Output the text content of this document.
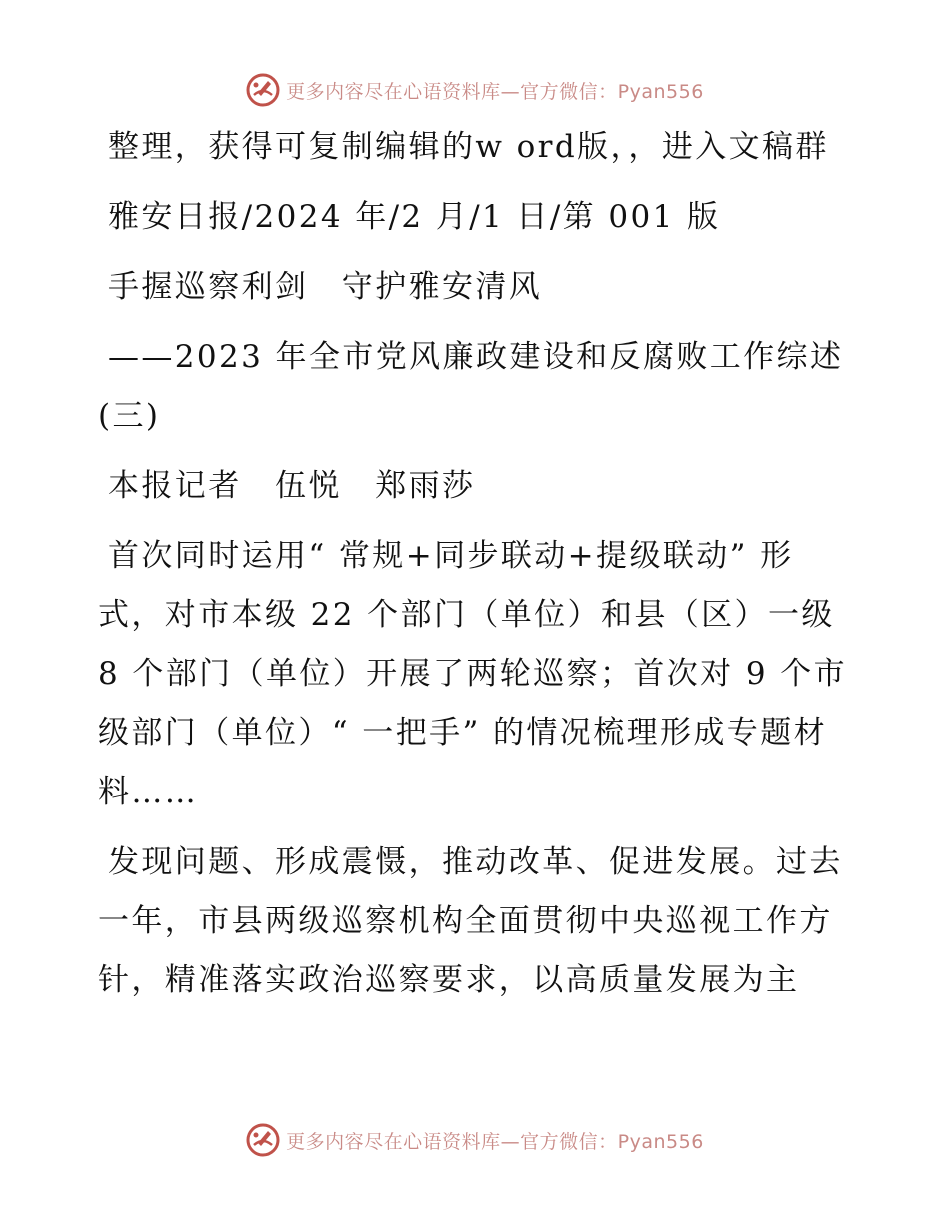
更多内容尽在心语资料库—官方微信：Pyan556

整理，获得可复制编辑的w ord版，，进入文稿群

雅安日报/2024 年/2 月/1 日/第 001 版

手握巡察利剑　守护雅安清风

——2023 年全市党风廉政建设和反腐败工作综述(三)

本报记者　伍悦　郑雨莎

首次同时运用“ 常规+同步联动+提级联动” 形式，对市本级 22 个部门（单位）和县（区）一级 8 个部门（单位）开展了两轮巡察；首次对 9 个市级部门（单位）“ 一把手” 的情况梳理形成专题材料……

发现问题、形成震慑，推动改革、促进发展。过去一年，市县两级巡察机构全面贯彻中央巡视工作方针，精准落实政治巡察要求，以高质量发展为主

更多内容尽在心语资料库—官方微信：Pyan556
